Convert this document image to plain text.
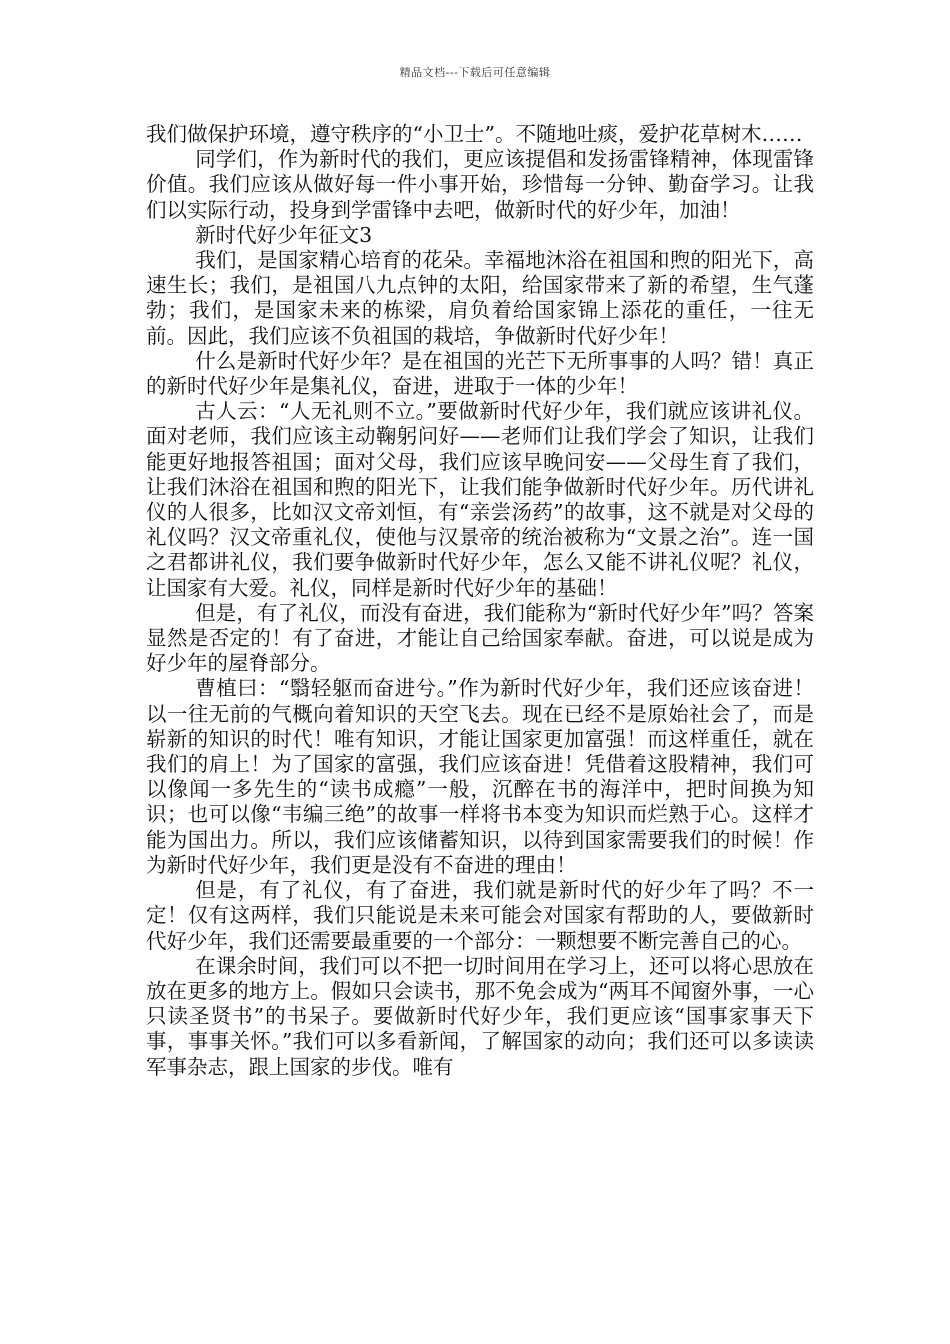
精品文档---下载后可任意编辑

我们做保护环境，遵守秩序的“小卫士”。不随地吐痰，爱护花草树木……

同学们，作为新时代的我们，更应该提倡和发扬雷锋精神，体现雷锋价值。我们应该从做好每一件小事开始，珍惜每一分钟、勤奋学习。让我们以实际行动，投身到学雷锋中去吧，做新时代的好少年，加油！

新时代好少年征文3

我们，是国家精心培育的花朵。幸福地沐浴在祖国和煦的阳光下，高速生长；我们，是祖国八九点钟的太阳，给国家带来了新的希望，生气蓬勃；我们，是国家未来的栋梁，肩负着给国家锦上添花的重任，一往无前。因此，我们应该不负祖国的栽培，争做新时代好少年！

什么是新时代好少年？是在祖国的光芒下无所事事的人吗？错！真正的新时代好少年是集礼仪，奋进，进取于一体的少年！

古人云：“人无礼则不立。”要做新时代好少年，我们就应该讲礼仪。面对老师，我们应该主动鞠躬问好——老师们让我们学会了知识，让我们能更好地报答祖国；面对父母，我们应该早晚问安——父母生育了我们，让我们沐浴在祖国和煦的阳光下，让我们能争做新时代好少年。历代讲礼仪的人很多，比如汉文帝刘恒，有“亲尝汤药”的故事，这不就是对父母的礼仪吗？汉文帝重礼仪，使他与汉景帝的统治被称为“文景之治”。连一国之君都讲礼仪，我们要争做新时代好少年，怎么又能不讲礼仪呢？礼仪，让国家有大爱。礼仪，同样是新时代好少年的基础！

但是，有了礼仪，而没有奋进，我们能称为“新时代好少年”吗？答案显然是否定的！有了奋进，才能让自己给国家奉献。奋进，可以说是成为好少年的屋脊部分。

曹植曰：“翳轻躯而奋进兮。”作为新时代好少年，我们还应该奋进！以一往无前的气概向着知识的天空飞去。现在已经不是原始社会了，而是崭新的知识的时代！唯有知识，才能让国家更加富强！而这样重任，就在我们的肩上！为了国家的富强，我们应该奋进！凭借着这股精神，我们可以像闻一多先生的“读书成瘾”一般，沉醉在书的海洋中，把时间换为知识；也可以像“韦编三绝”的故事一样将书本变为知识而烂熟于心。这样才能为国出力。所以，我们应该储蓄知识，以待到国家需要我们的时候！作为新时代好少年，我们更是没有不奋进的理由！

但是，有了礼仪，有了奋进，我们就是新时代的好少年了吗？不一定！仅有这两样，我们只能说是未来可能会对国家有帮助的人，要做新时代好少年，我们还需要最重要的一个部分：一颗想要不断完善自己的心。

在课余时间，我们可以不把一切时间用在学习上，还可以将心思放在放在更多的地方上。假如只会读书，那不免会成为“两耳不闻窗外事，一心只读圣贤书”的书呆子。要做新时代好少年，我们更应该“国事家事天下事，事事关怀。”我们可以多看新闻，了解国家的动向；我们还可以多读读军事杂志，跟上国家的步伐。唯有
